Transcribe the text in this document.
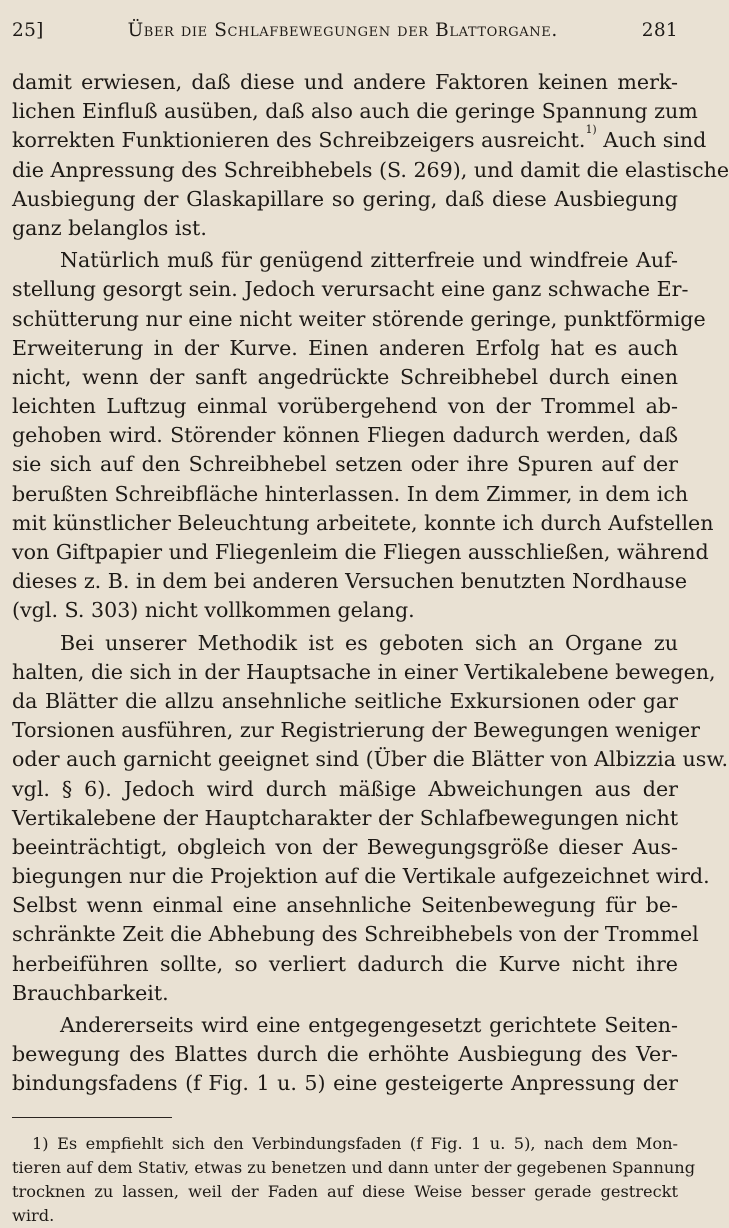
25]	Über die Schlafbewegungen der Blattorgane.	281
damit erwiesen, daß diese und andere Faktoren keinen merk-
lichen Einfluß ausüben, daß also auch die geringe Spannung zum
korrekten Funktionieren des Schreibzeigers ausreicht.$^{1)}$ Auch sind
die Anpressung des Schreibhebels (S. 269), und damit die elastische
Ausbiegung der Glaskapillare so gering, daß diese Ausbiegung
ganz belanglos ist.
Natürlich muß für genügend zitterfreie und windfreie Auf-
stellung gesorgt sein. Jedoch verursacht eine ganz schwache Er-
schütterung nur eine nicht weiter störende geringe, punktförmige
Erweiterung in der Kurve. Einen anderen Erfolg hat es auch
nicht, wenn der sanft angedrückte Schreibhebel durch einen
leichten Luftzug einmal vorübergehend von der Trommel ab-
gehoben wird. Störender können Fliegen dadurch werden, daß
sie sich auf den Schreibhebel setzen oder ihre Spuren auf der
berußten Schreibfläche hinterlassen. In dem Zimmer, in dem ich
mit künstlicher Beleuchtung arbeitete, konnte ich durch Aufstellen
von Giftpapier und Fliegenleim die Fliegen ausschließen, während
dieses z. B. in dem bei anderen Versuchen benutzten Nordhause
(vgl. S. 303) nicht vollkommen gelang.
Bei unserer Methodik ist es geboten sich an Organe zu
halten, die sich in der Hauptsache in einer Vertikalebene bewegen,
da Blätter die allzu ansehnliche seitliche Exkursionen oder gar
Torsionen ausführen, zur Registrierung der Bewegungen weniger
oder auch garnicht geeignet sind (Über die Blätter von Albizzia usw.
vgl. § 6). Jedoch wird durch mäßige Abweichungen aus der
Vertikalebene der Hauptcharakter der Schlafbewegungen nicht
beeinträchtigt, obgleich von der Bewegungsgröße dieser Aus-
biegungen nur die Projektion auf die Vertikale aufgezeichnet wird.
Selbst wenn einmal eine ansehnliche Seitenbewegung für be-
schränkte Zeit die Abhebung des Schreibhebels von der Trommel
herbeiführen sollte, so verliert dadurch die Kurve nicht ihre
Brauchbarkeit.
Andererseits wird eine entgegengesetzt gerichtete Seiten-
bewegung des Blattes durch die erhöhte Ausbiegung des Ver-
bindungsfadens (f Fig. 1 u. 5) eine gesteigerte Anpressung der
1) Es empfiehlt sich den Verbindungsfaden (f Fig. 1 u. 5), nach dem Mon-
tieren auf dem Stativ, etwas zu benetzen und dann unter der gegebenen Spannung
trocknen zu lassen, weil der Faden auf diese Weise besser gerade gestreckt
wird.
